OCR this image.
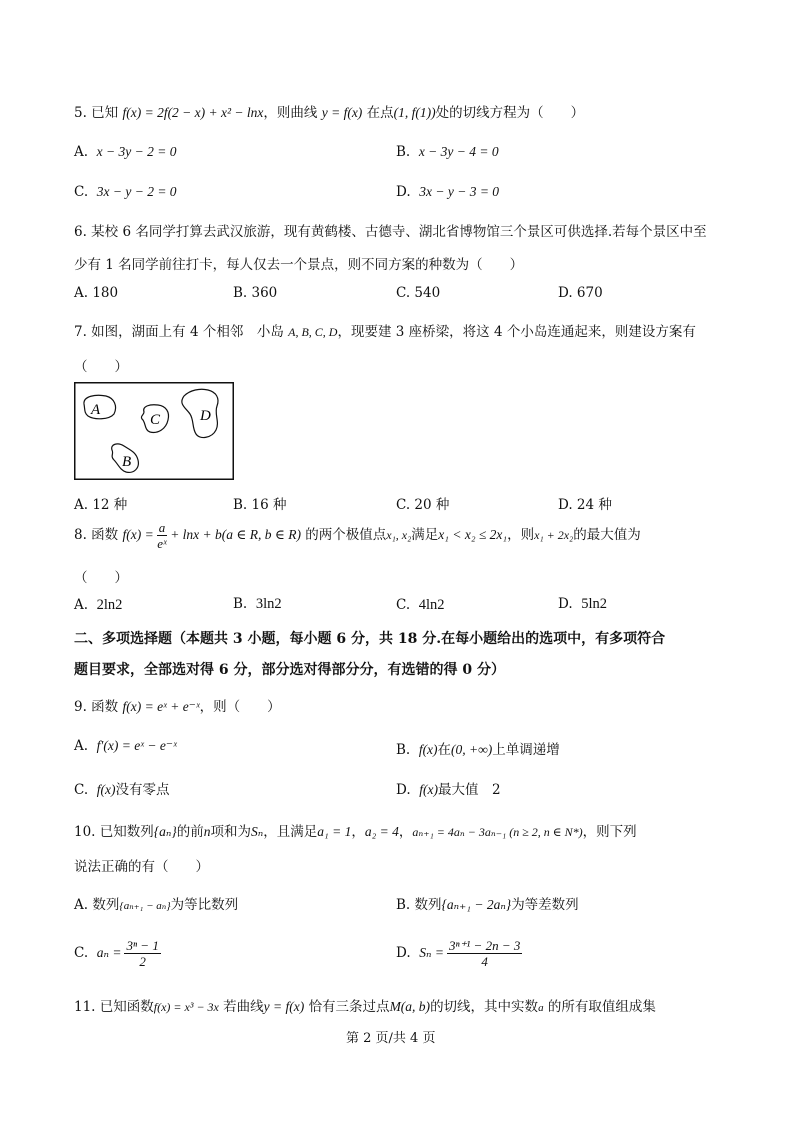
5. 已知 f(x) = 2f(2 − x) + x² − lnx，则曲线 y = f(x) 在点(1, f(1))处的切线方程为（　　）
A. x − 3y − 2 = 0	B. x − 3y − 4 = 0
C. 3x − y − 2 = 0	D. 3x − y − 3 = 0
6. 某校 6 名同学打算去武汉旅游，现有黄鹤楼、古德寺、湖北省博物馆三个景区可供选择.若每个景区中至
少有 1 名同学前往打卡，每人仅去一个景点，则不同方案的种数为（　　）
A. 180	B. 360	C. 540	D. 670
7. 如图，湖面上有 4 个相邻　小岛 A, B, C, D，现要建 3 座桥梁，将这 4 个小岛连通起来，则建设方案有
（　　）
A
C	D
B
A. 12 种	B. 16 种	C. 20 种	D. 24 种
8. 函数 $f(x) = \frac{a}{\text{eˣ}} + \ln x + b(a$ ∈ R, b ∈ R) 的两个极值点x₁, x₂满足x₁ < x₂ ≤ 2x₁，则x₁ + 2x₂的最大值为
（　　）
A. 2ln2	B. 3ln2	C. 4ln2	D. 5ln2
二、多项选择题（本题共 3 小题，每小题 6 分，共 18 分.在每小题给出的选项中，有多项符合
题目要求，全部选对得 6 分，部分选对得部分分，有选错的得 0 分）
9. 函数 f(x) = eˣ + e⁻ˣ，则（　　）
A. f′(x) = eˣ − e⁻ˣ	B. f(x)在(0, +∞)上单调递增
C. f(x)没有零点	D. f(x)最大值　2
10. 已知数列{aₙ}的前n项和为Sₙ，且满足a₁ = 1，a₂ = 4，aₙ₊₁ = 4aₙ − 3aₙ₋₁ (n ≥ 2, n ∈ N*)，则下列
说法正确的有（　　）
A. 数列{aₙ₊₁ − aₙ}为等比数列	B. 数列{aₙ₊₁ − 2aₙ}为等差数列
C. $a_n = \frac{\text{3ⁿ − 1}}{2}$	D. $S_n = \frac{\text{3ⁿ⁺¹ − 2n − 3}}{4}$
11. 已知函数f(x) = x³ − 3x 若曲线y = f(x) 恰有三条过点M(a, b)的切线，其中实数a 的所有取值组成集
第 2 页/共 4 页
